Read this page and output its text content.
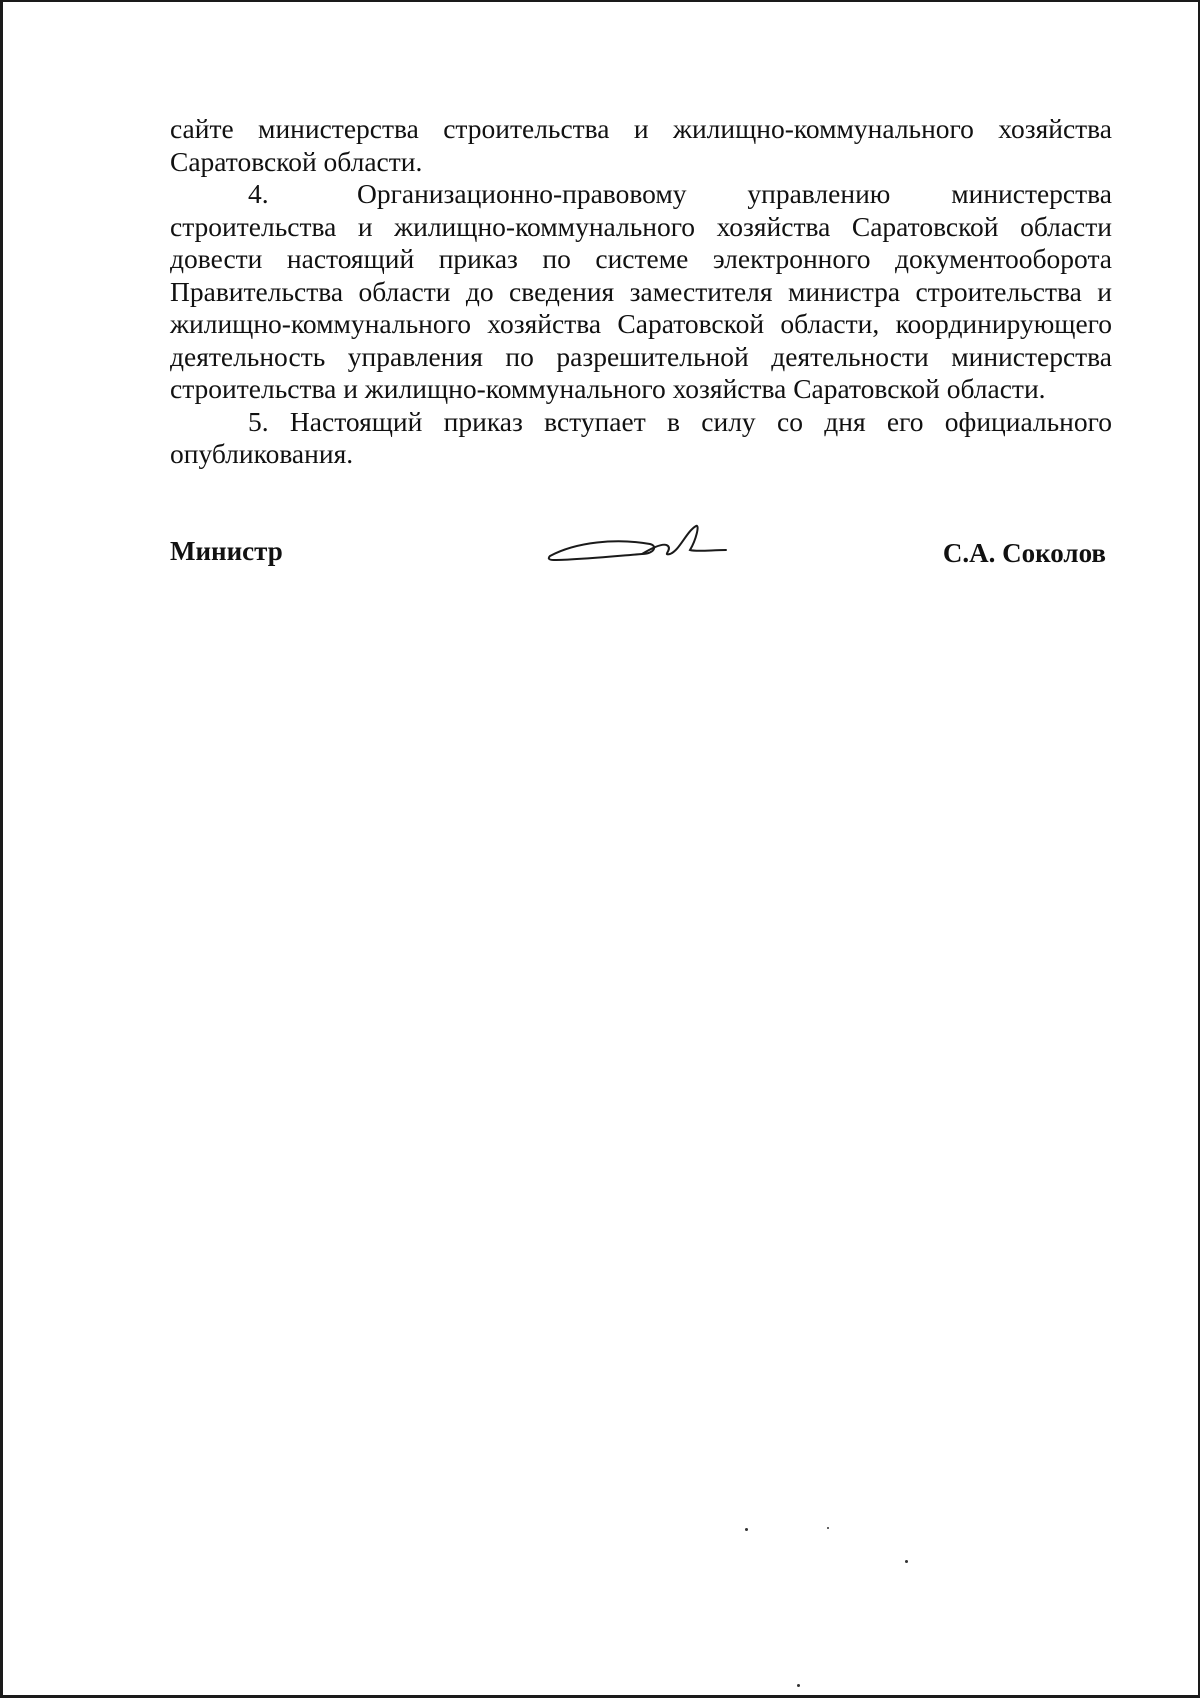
сайте министерства строительства и жилищно-коммунального хозяйства Саратовской области.

4.  Организационно-правовому управлению министерства строительства и жилищно-коммунального хозяйства Саратовской области довести настоящий приказ по системе электронного документооборота Правительства области до сведения заместителя министра строительства и жилищно-коммунального хозяйства Саратовской области, координирующего деятельность управления по разрешительной деятельности министерства строительства и жилищно-коммунального хозяйства Саратовской области.

5. Настоящий приказ вступает в силу со дня его официального опубликования.

Министр	С.А. Соколов
